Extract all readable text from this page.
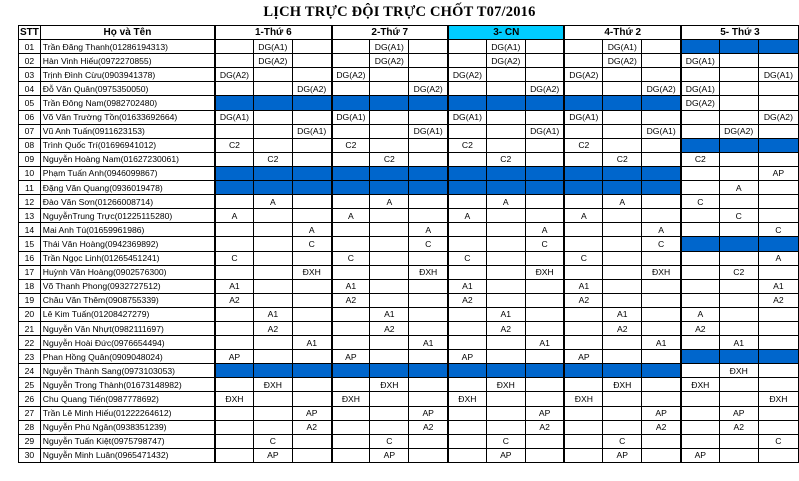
LỊCH TRỰC ĐỘI TRỰC CHỐT T07/2016
STT	Họ và Tên	1-Thứ 6			2-Thứ 7			3- CN			4-Thứ 2			5- Thứ 3		
01	Trần Đăng Thanh(01286194313)		DG(A1)			DG(A1)			DG(A1)			DG(A1)				
02	Hàn Vinh Hiếu(0972270855)		DG(A2)			DG(A2)			DG(A2)			DG(A2)		DG(A1)		
03	Trịnh Đình Cừu(0903941378)	DG(A2)			DG(A2)			DG(A2)			DG(A2)					DG(A1)
04	Đỗ Văn Quân(0975350050)			DG(A2)			DG(A2)			DG(A2)			DG(A2)	DG(A1)		
05	Trần Đông Nam(0982702480)													DG(A2)		
06	Võ Văn Trường Tồn(01633692664)	DG(A1)			DG(A1)			DG(A1)			DG(A1)					DG(A2)
07	Vũ Anh Tuấn(0911623153)			DG(A1)			DG(A1)			DG(A1)			DG(A1)		DG(A2)	
08	Trình Quốc Trí(01696941012)	C2			C2			C2			C2					
09	Nguyễn Hoàng Nam(01627230061)		C2			C2			C2			C2		C2		
10	Phạm Tuấn Anh(0946099867)															AP
11	Đặng Văn Quang(0936019478)														A	
12	Đào Văn Sơn(01266008714)		A			A			A			A		C		
13	NguyễnTrung Trực(01225115280)	A			A			A			A				C	
14	Mai Anh Tú(01659961986)			A			A			A			A			C
15	Thái Văn Hoàng(0942369892)			C			C			C			C			
16	Trần Ngọc Linh(01265451241)	C			C			C			C					A
17	Huỳnh Văn Hoàng(0902576300)			ĐXH			ĐXH			ĐXH			ĐXH		C2	
18	Võ Thanh Phong(0932727512)	A1			A1			A1			A1					A1
19	Châu Văn Thêm(0908755339)	A2			A2			A2			A2					A2
20	Lê Kim Tuấn(01208427279)		A1			A1			A1			A1		A		
21	Nguyễn Văn Nhựt(0982111697)		A2			A2			A2			A2		A2		
22	Nguyễn Hoài Đức(0976654494)			A1			A1			A1			A1		A1	
23	Phan Hồng Quân(0909048024)	AP			AP			AP			AP					
24	Nguyễn Thành Sang(0973103053)														ĐXH	
25	Nguyễn Trong Thành(01673148982)		ĐXH			ĐXH			ĐXH			ĐXH		ĐXH		
26	Chu Quang Tiến(0987778692)	ĐXH			ĐXH			ĐXH			ĐXH					ĐXH
27	Trần Lê Minh Hiếu(01222264612)			AP			AP			AP			AP		AP	
28	Nguyễn Phú Ngân(0938351239)			A2			A2			A2			A2		A2	
29	Nguyễn Tuấn Kiệt(0975798747)		C			C			C			C				C
30	Nguyễn Minh Luân(0965471432)		AP			AP			AP			AP		AP		
